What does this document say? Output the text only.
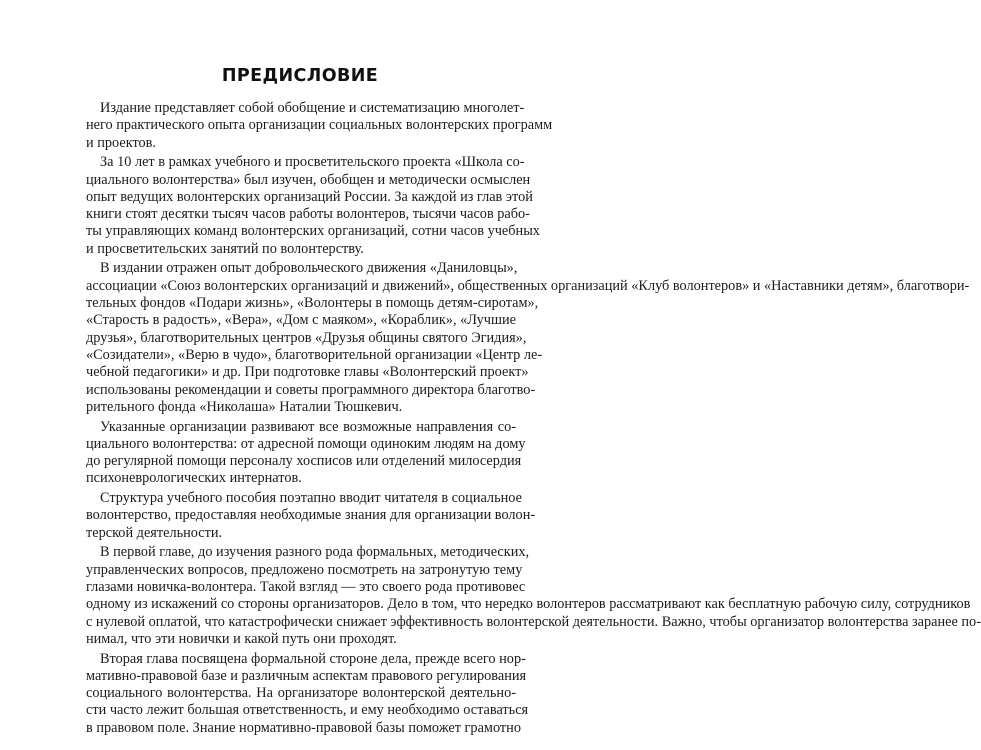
ПРЕДИСЛОВИЕ
Издание представляет собой обобщение и систематизацию многолет-
него практического опыта организации социальных волонтерских программ
и проектов.
За 10 лет в рамках учебного и просветительского проекта «Школа со-
циального волонтерства» был изучен, обобщен и методически осмыслен
опыт ведущих волонтерских организаций России. За каждой из глав этой
книги стоят десятки тысяч часов работы волонтеров, тысячи часов рабо-
ты управляющих команд волонтерских организаций, сотни часов учебных
и просветительских занятий по волонтерству.
В издании отражен опыт добровольческого движения «Даниловцы»,
ассоциации «Союз волонтерских организаций и движений», общественных организаций «Клуб волонтеров» и «Наставники детям», благотвори-
тельных фондов «Подари жизнь», «Волонтеры в помощь детям-сиротам»,
«Старость в радость», «Вера», «Дом с маяком», «Кораблик», «Лучшие
друзья», благотворительных центров «Друзья общины святого Эгидия»,
«Созидатели», «Верю в чудо», благотворительной организации «Центр ле-
чебной педагогики» и др. При подготовке главы «Волонтерский проект»
использованы рекомендации и советы программного директора благотво-
рительного фонда «Николаша» Наталии Тюшкевич.
Указанные организации развивают все возможные направления со-
циального волонтерства: от адресной помощи одиноким людям на дому
до регулярной помощи персоналу хосписов или отделений милосердия
психоневрологических интернатов.
Структура учебного пособия поэтапно вводит читателя в социальное
волонтерство, предоставляя необходимые знания для организации волон-
терской деятельности.
В первой главе, до изучения разного рода формальных, методических,
управленческих вопросов, предложено посмотреть на затронутую тему
глазами новичка-волонтера. Такой взгляд — это своего рода противовес
одному из искажений со стороны организаторов. Дело в том, что нередко волонтеров рассматривают как бесплатную рабочую силу, сотрудников
с нулевой оплатой, что катастрофически снижает эффективность волонтерской деятельности. Важно, чтобы организатор волонтерства заранее по-
нимал, что эти новички и какой путь они проходят.
Вторая глава посвящена формальной стороне дела, прежде всего нор-
мативно-правовой базе и различным аспектам правового регулирования
социального волонтерства. На организаторе волонтерской деятельно-
сти часто лежит большая ответственность, и ему необходимо оставаться
в правовом поле. Знание нормативно-правовой базы поможет грамотно
